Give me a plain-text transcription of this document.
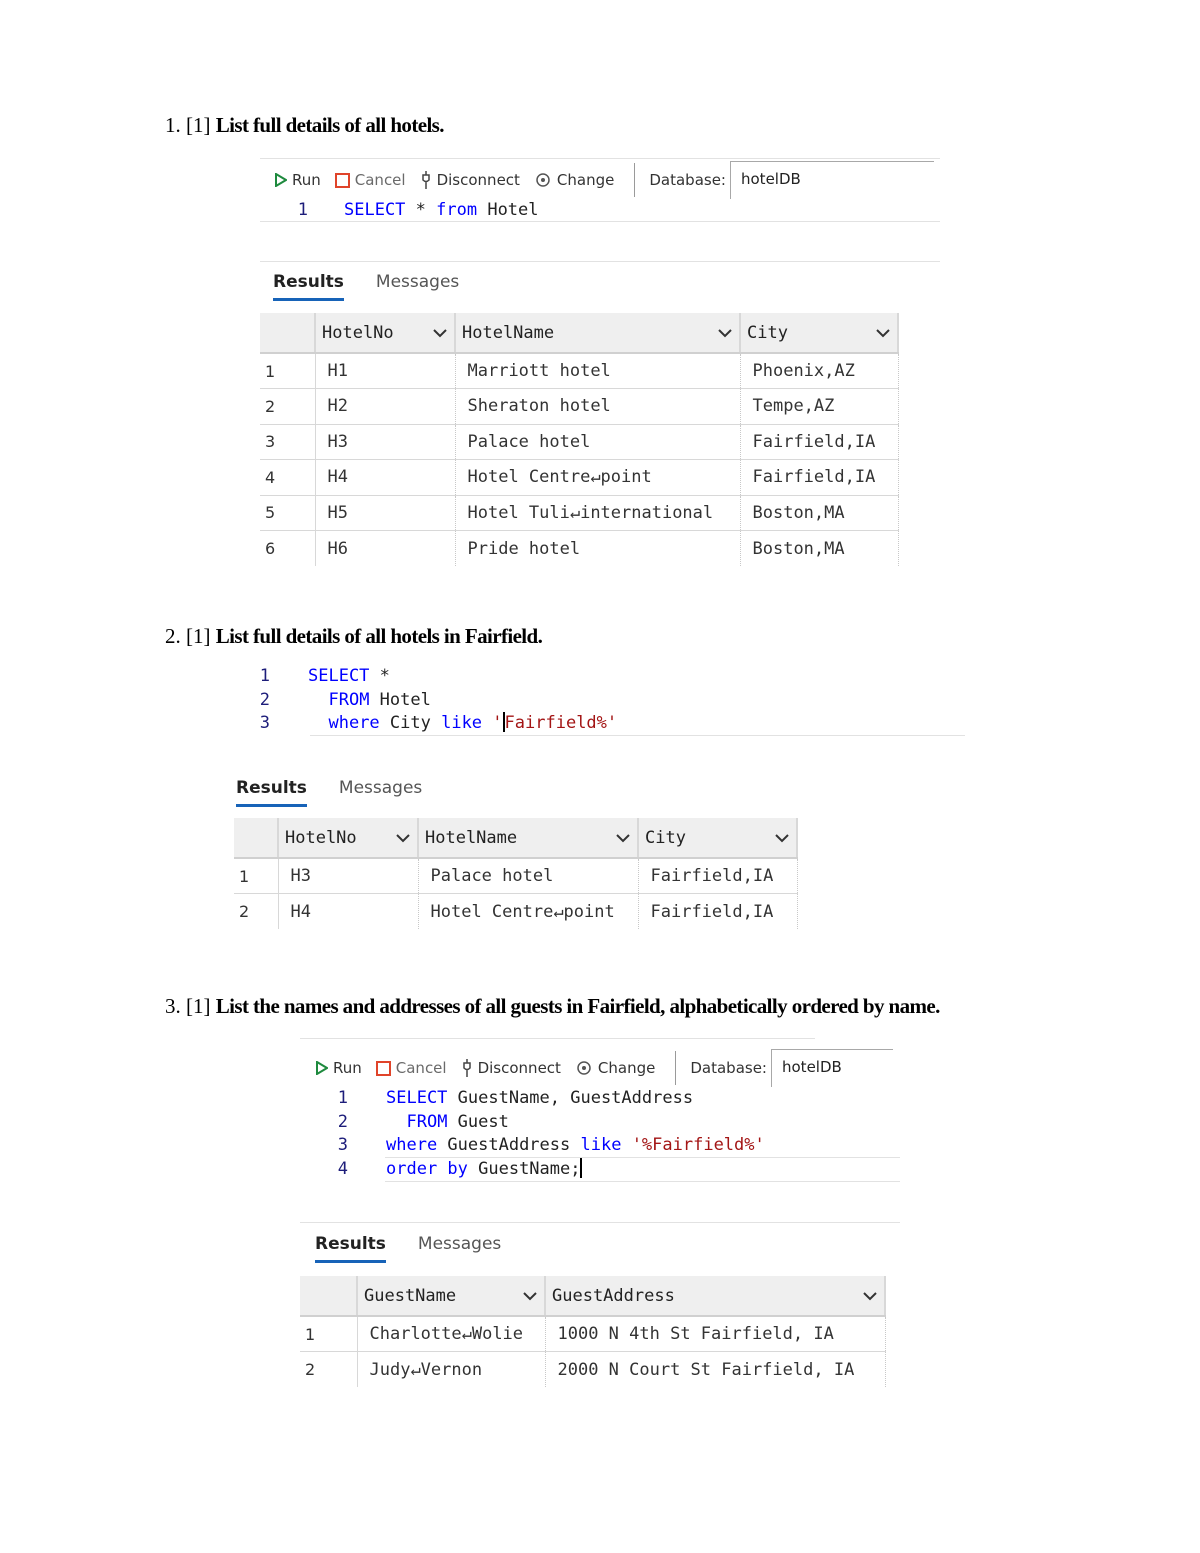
1. [1] List full details of all hotels.
Run Cancel Disconnect Change Database:	hotelDB
1 SELECT * from Hotel
Results Messages

	HotelNo	HotelName	City

1	H1	Marriott hotel	Phoenix,AZ
2	H2	Sheraton hotel	Tempe,AZ
3	H3	Palace hotel	Fairfield,IA
4	H4	Hotel Centre↵point	Fairfield,IA
5	H5	Hotel Tuli↵international	Boston,MA
6	H6	Pride hotel	Boston,MA
2. [1] List full details of all hotels in Fairfield.
1 SELECT *
2	FROM Hotel
3	where City like ' Fairfield%'
Results Messages

	HotelNo	HotelName	City

1	H3	Palace hotel	Fairfield,IA
2	H4	Hotel Centre↵point	Fairfield,IA
3. [1] List the names and addresses of all guests in Fairfield, alphabetically ordered by name.
Run Cancel Disconnect Change Database:	hotelDB
1 SELECT GuestName, GuestAddress
2	FROM Guest
3 where GuestAddress like '%Fairfield%'
4 order by GuestName;
Results Messages

	GuestName	GuestAddress

1	Charlotte↵Wolie	1000 N 4th St Fairfield, IA
2	Judy↵Vernon	2000 N Court St Fairfield, IA
